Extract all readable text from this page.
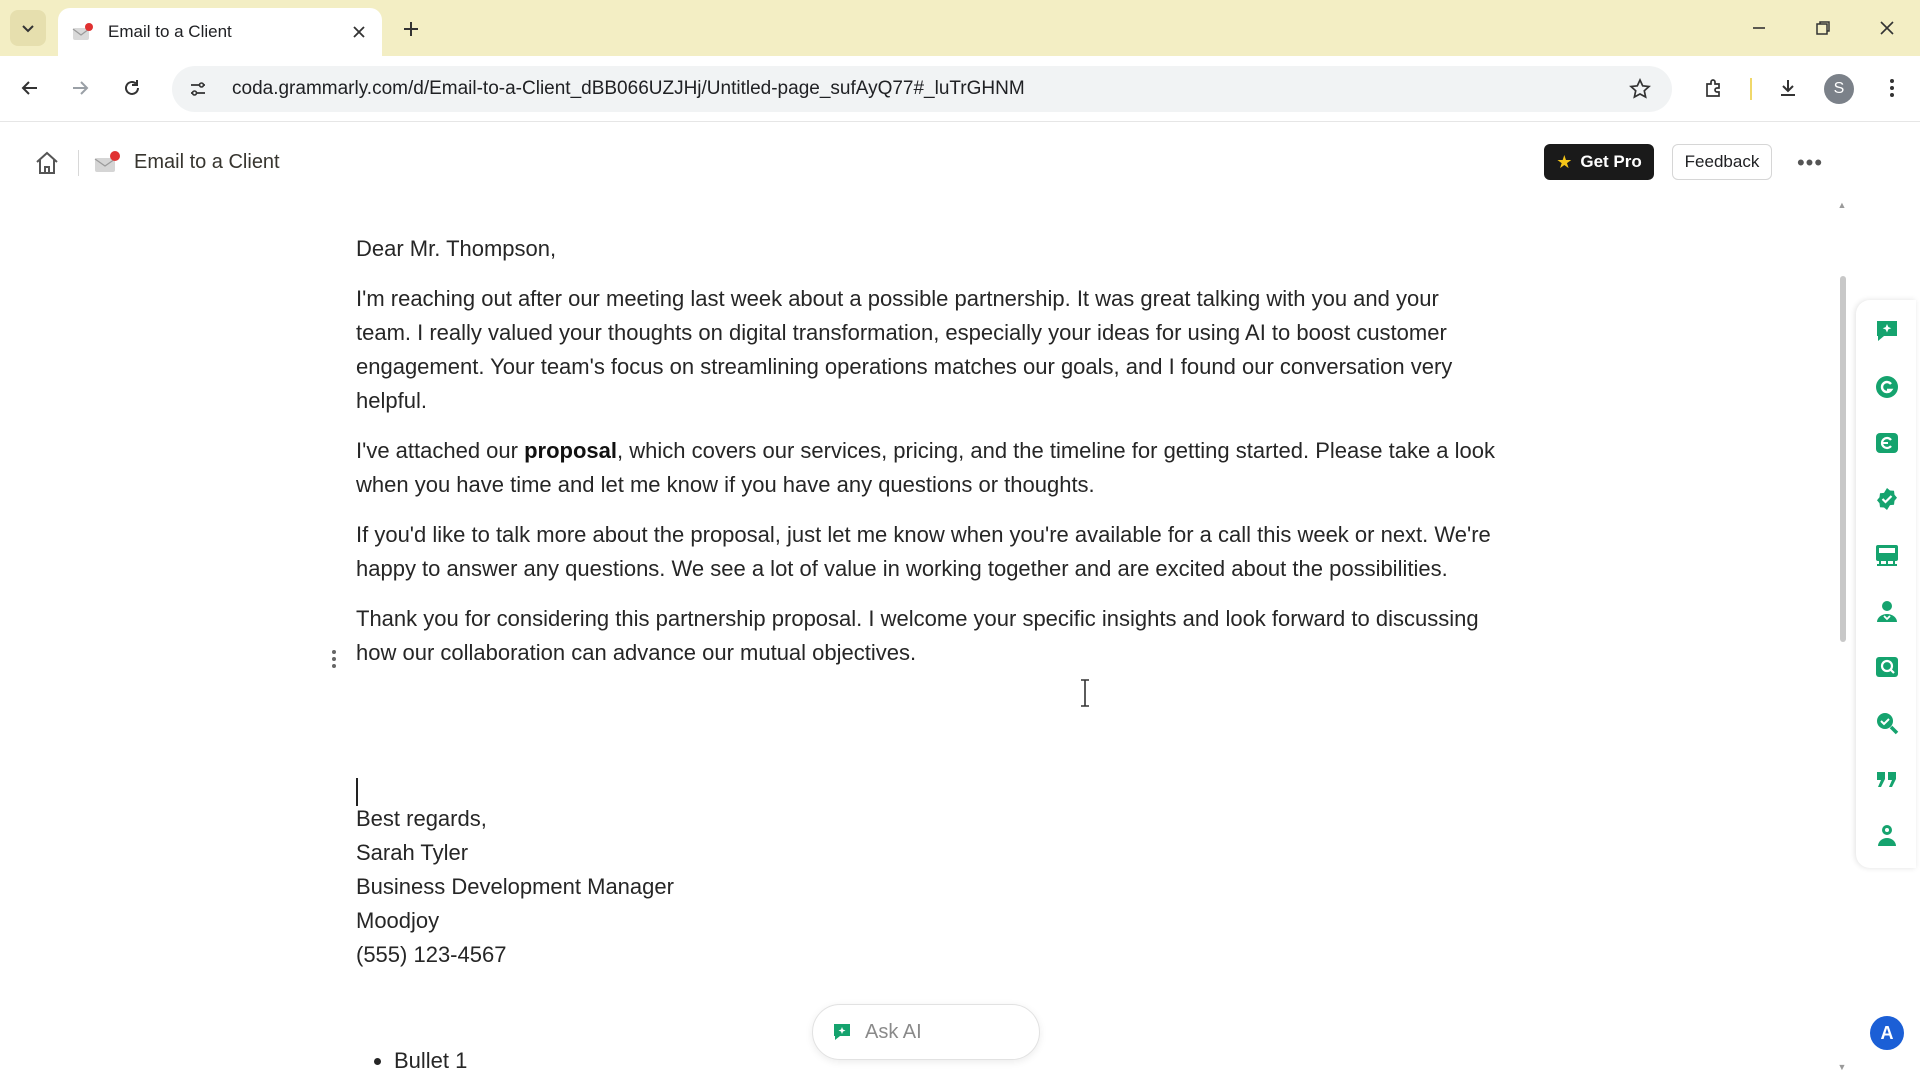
Email to a Client
coda.grammarly.com/d/Email-to-a-Client_dBB066UZJHj/Untitled-page_sufAyQ77#_luTrGHNM	S
Email to a Client	★ Get Pro	Feedback	•••

Dear Mr. Thompson,

I'm reaching out after our meeting last week about a possible partnership. It was great talking with you and your team. I really valued your thoughts on digital transformation, especially your ideas for using AI to boost customer engagement. Your team's focus on streamlining operations matches our goals, and I found our conversation very helpful.

I've attached our proposal, which covers our services, pricing, and the timeline for getting started. Please take a look when you have time and let me know if you have any questions or thoughts.

If you'd like to talk more about the proposal, just let me know when you're available for a call this week or next. We're happy to answer any questions. We see a lot of value in working together and are excited about the possibilities.

Thank you for considering this partnership proposal. I welcome your specific insights and look forward to discussing how our collaboration can advance our mutual objectives.

Best regards,

Sarah Tyler

Business Development Manager

Moodjoy

(555) 123-4567

• Bullet 1
Ask AI
▲
▼
A
